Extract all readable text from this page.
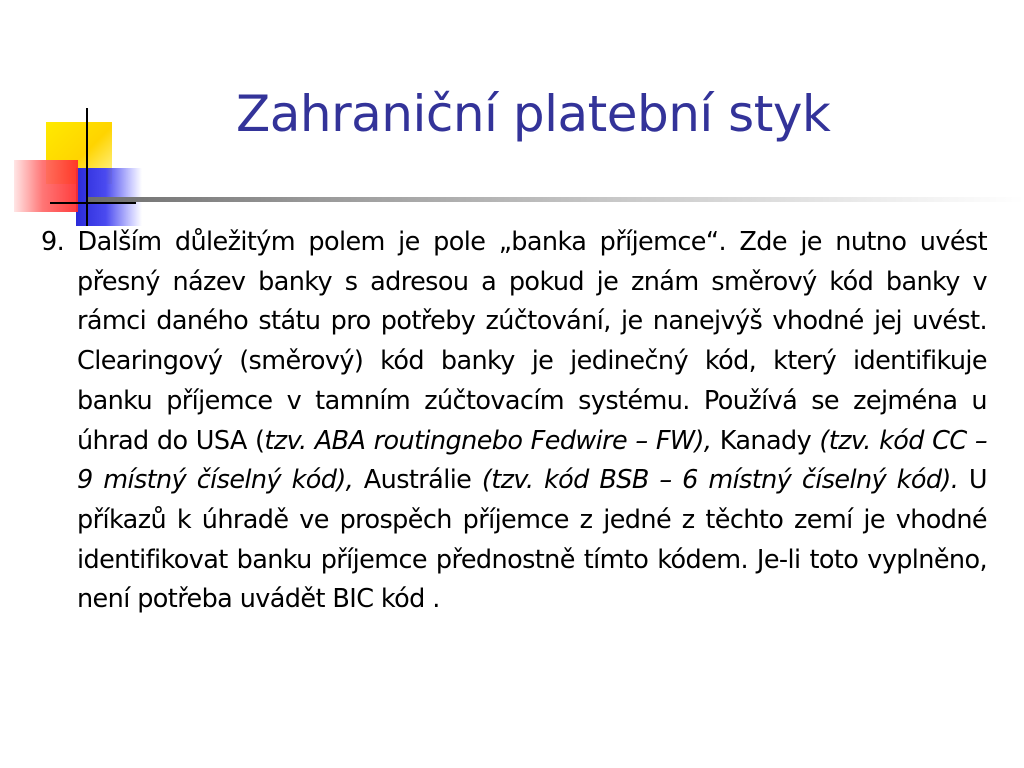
Zahraniční platební styk

9. Dalším důležitým polem je pole „banka příjemce“. Zde je nutno uvést přesný název banky s adresou a pokud je znám směrový kód banky v rámci daného státu pro potřeby zúčtování, je nanejvýš vhodné jej uvést. Clearingový (směrový) kód banky je jedinečný kód, který identifikuje banku příjemce v tamním zúčtovacím systému. Používá se zejména u úhrad do USA (tzv. ABA routingnebo Fedwire – FW), Kanady (tzv. kód CC – 9 místný číselný kód), Austrálie (tzv. kód BSB – 6 místný číselný kód). U příkazů k úhradě ve prospěch příjemce z jedné z těchto zemí je vhodné identifikovat banku příjemce přednostně tímto kódem. Je-li toto vyplněno, není potřeba uvádět BIC kód .
